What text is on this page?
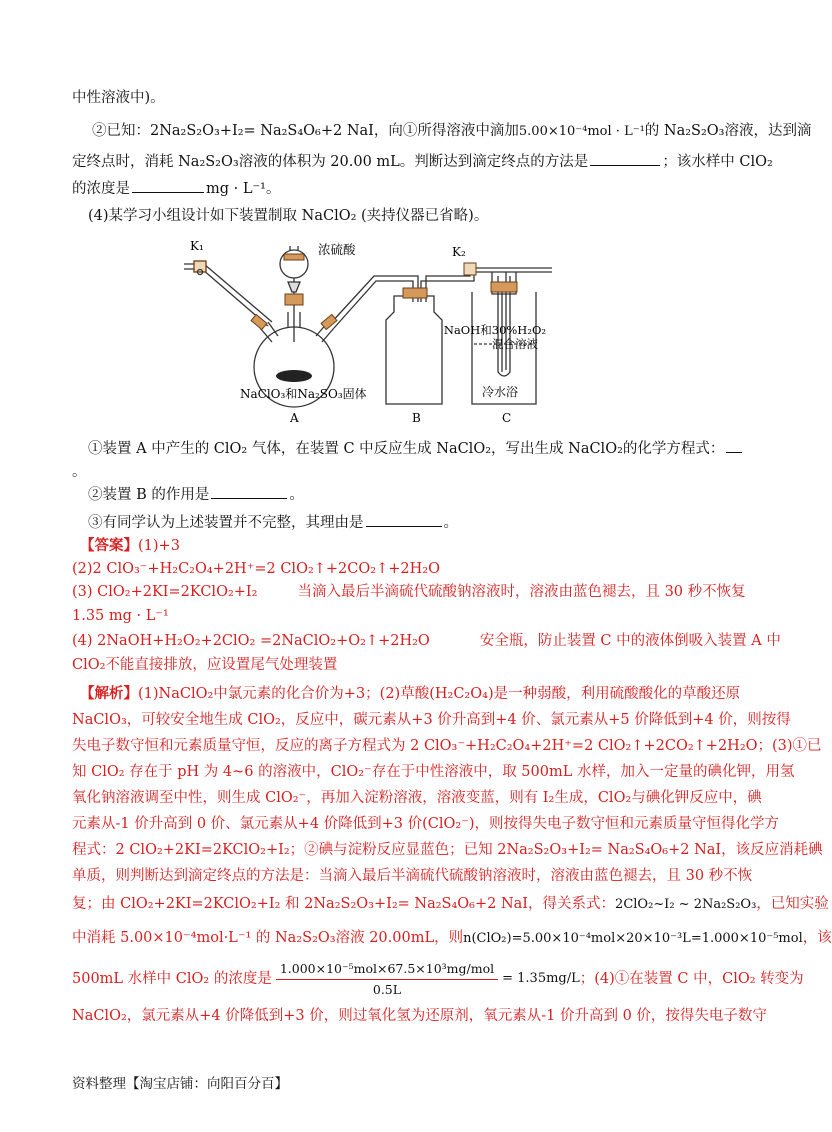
中性溶液中)。
②已知：2Na₂S₂O₃+I₂= Na₂S₄O₆+2 NaI，向①所得溶液中滴加5.00×10⁻⁴mol · L⁻¹的 Na₂S₂O₃溶液，达到滴
定终点时，消耗 Na₂S₂O₃溶液的体积为 20.00 mL。判断达到滴定终点的方法是	；该水样中 ClO₂
的浓度是	mg · L⁻¹。
(4)某学习小组设计如下装置制取 NaClO₂ (夹持仪器已省略)。
K₁	浓硫酸	K₂
NaClO₃和Na₂SO₃固体
NaOH和30%H₂O₂
混合溶液
冷水浴
A	B	C
①装置 A 中产生的 ClO₂ 气体，在装置 C 中反应生成 NaClO₂，写出生成 NaClO₂的化学方程式：
。
②装置 B 的作用是	。
③有同学认为上述装置并不完整，其理由是	。
【答案】(1)+3
(2)2 ClO₃⁻+H₂C₂O₄+2H⁺=2 ClO₂↑+2CO₂↑+2H₂O
(3) ClO₂+2KI=2KClO₂+I₂	当滴入最后半滴硫代硫酸钠溶液时，溶液由蓝色褪去，且 30 秒不恢复
1.35 mg · L⁻¹
(4) 2NaOH+H₂O₂+2ClO₂ =2NaClO₂+O₂↑+2H₂O	安全瓶，防止装置 C 中的液体倒吸入装置 A 中
ClO₂不能直接排放，应设置尾气处理装置
【解析】(1)NaClO₂中氯元素的化合价为+3；(2)草酸(H₂C₂O₄)是一种弱酸，利用硫酸酸化的草酸还原
NaClO₃，可较安全地生成 ClO₂，反应中，碳元素从+3 价升高到+4 价、氯元素从+5 价降低到+4 价，则按得
失电子数守恒和元素质量守恒，反应的离子方程式为 2 ClO₃⁻+H₂C₂O₄+2H⁺=2 ClO₂↑+2CO₂↑+2H₂O；(3)①已
知 ClO₂ 存在于 pH 为 4~6 的溶液中，ClO₂⁻存在于中性溶液中，取 500mL 水样，加入一定量的碘化钾，用氢
氧化钠溶液调至中性，则生成 ClO₂⁻，再加入淀粉溶液，溶液变蓝，则有 I₂生成，ClO₂与碘化钾反应中，碘
元素从-1 价升高到 0 价、氯元素从+4 价降低到+3 价(ClO₂⁻)，则按得失电子数守恒和元素质量守恒得化学方
程式：2 ClO₂+2KI=2KClO₂+I₂；②碘与淀粉反应显蓝色；已知 2Na₂S₂O₃+I₂= Na₂S₄O₆+2 NaI，该反应消耗碘
单质，则判断达到滴定终点的方法是：当滴入最后半滴硫代硫酸钠溶液时，溶液由蓝色褪去，且 30 秒不恢
复；由 ClO₂+2KI=2KClO₂+I₂ 和 2Na₂S₂O₃+I₂= Na₂S₄O₆+2 NaI，得关系式：2ClO₂~I₂ ~ 2Na₂S₂O₃，已知实验
中消耗 5.00×10⁻⁴mol·L⁻¹ 的 Na₂S₂O₃溶液 20.00mL，则n(ClO₂)=5.00×10⁻⁴mol×20×10⁻³L=1.000×10⁻⁵mol，该
500mL 水样中 ClO₂ 的浓度是 $\frac{\text{1.000×10⁻⁵mol×67.5×10³mg/mol}}{0.5L} = 1.35mg/L$ ；(4)①在装置 C 中，ClO₂ 转变为
NaClO₂，氯元素从+4 价降低到+3 价，则过氧化氢为还原剂，氧元素从-1 价升高到 0 价，按得失电子数守
资料整理【淘宝店铺：向阳百分百】
